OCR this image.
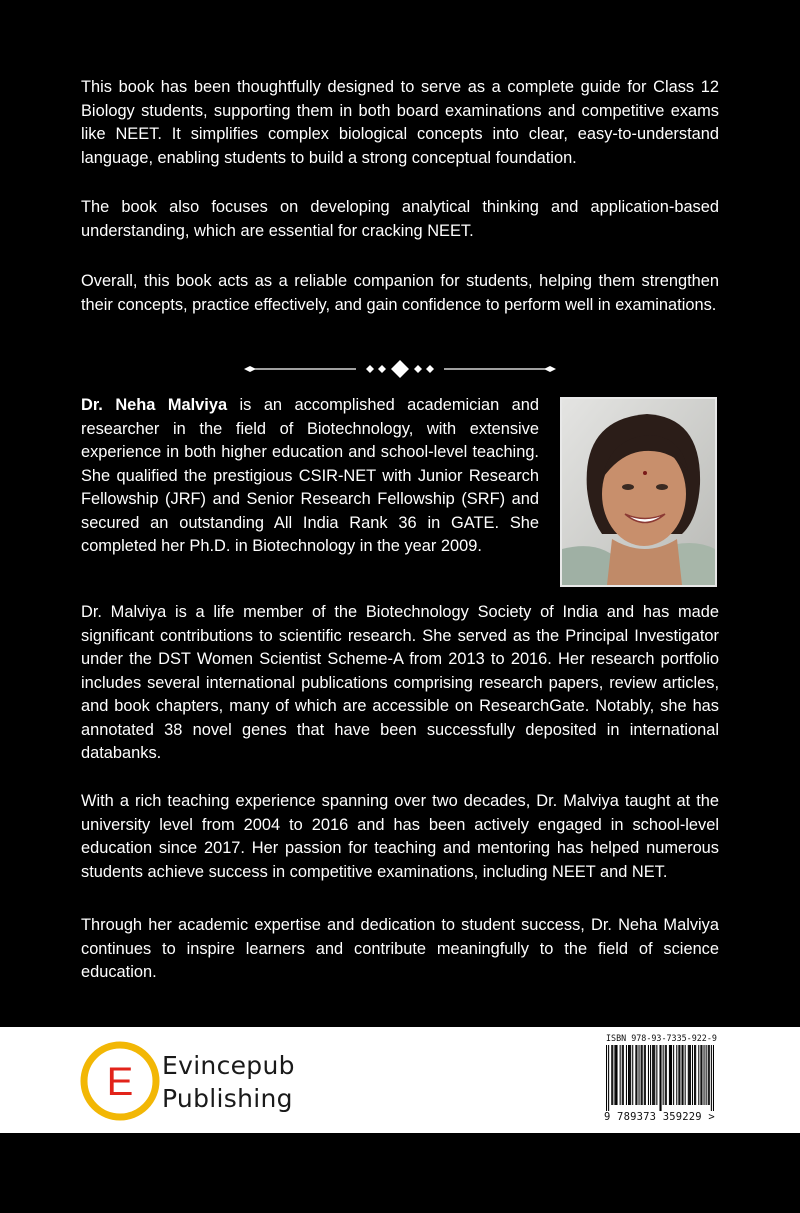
This book has been thoughtfully designed to serve as a complete guide for Class 12 Biology students, supporting them in both board examinations and competitive exams like NEET. It simplifies complex biological concepts into clear, easy-to-understand language, enabling students to build a strong conceptual foundation.

The book also focuses on developing analytical thinking and application-based understanding, which are essential for cracking NEET.

Overall, this book acts as a reliable companion for students, helping them strengthen their concepts, practice effectively, and gain confidence to perform well in examinations.

Dr. Neha Malviya is an accomplished academician and researcher in the field of Biotechnology, with extensive experience in both higher education and school-level teaching. She qualified the prestigious CSIR-NET with Junior Research Fellowship (JRF) and Senior Research Fellowship (SRF) and secured an outstanding All India Rank 36 in GATE. She completed her Ph.D. in Biotechnology in the year 2009.

Dr. Malviya is a life member of the Biotechnology Society of India and has made significant contributions to scientific research. She served as the Principal Investigator under the DST Women Scientist Scheme-A from 2013 to 2016. Her research portfolio includes several international publications comprising research papers, review articles, and book chapters, many of which are accessible on ResearchGate. Notably, she has annotated 38 novel genes that have been successfully deposited in international databanks.

With a rich teaching experience spanning over two decades, Dr. Malviya taught at the university level from 2004 to 2016 and has been actively engaged in school-level education since 2017. Her passion for teaching and mentoring has helped numerous students achieve success in competitive examinations, including NEET and NET.

Through her academic expertise and dedication to student success, Dr. Neha Malviya continues to inspire learners and contribute meaningfully to the field of science education.

E Evincepub
Publishing
ISBN 978-93-7335-922-9
9 789373 359229 >
